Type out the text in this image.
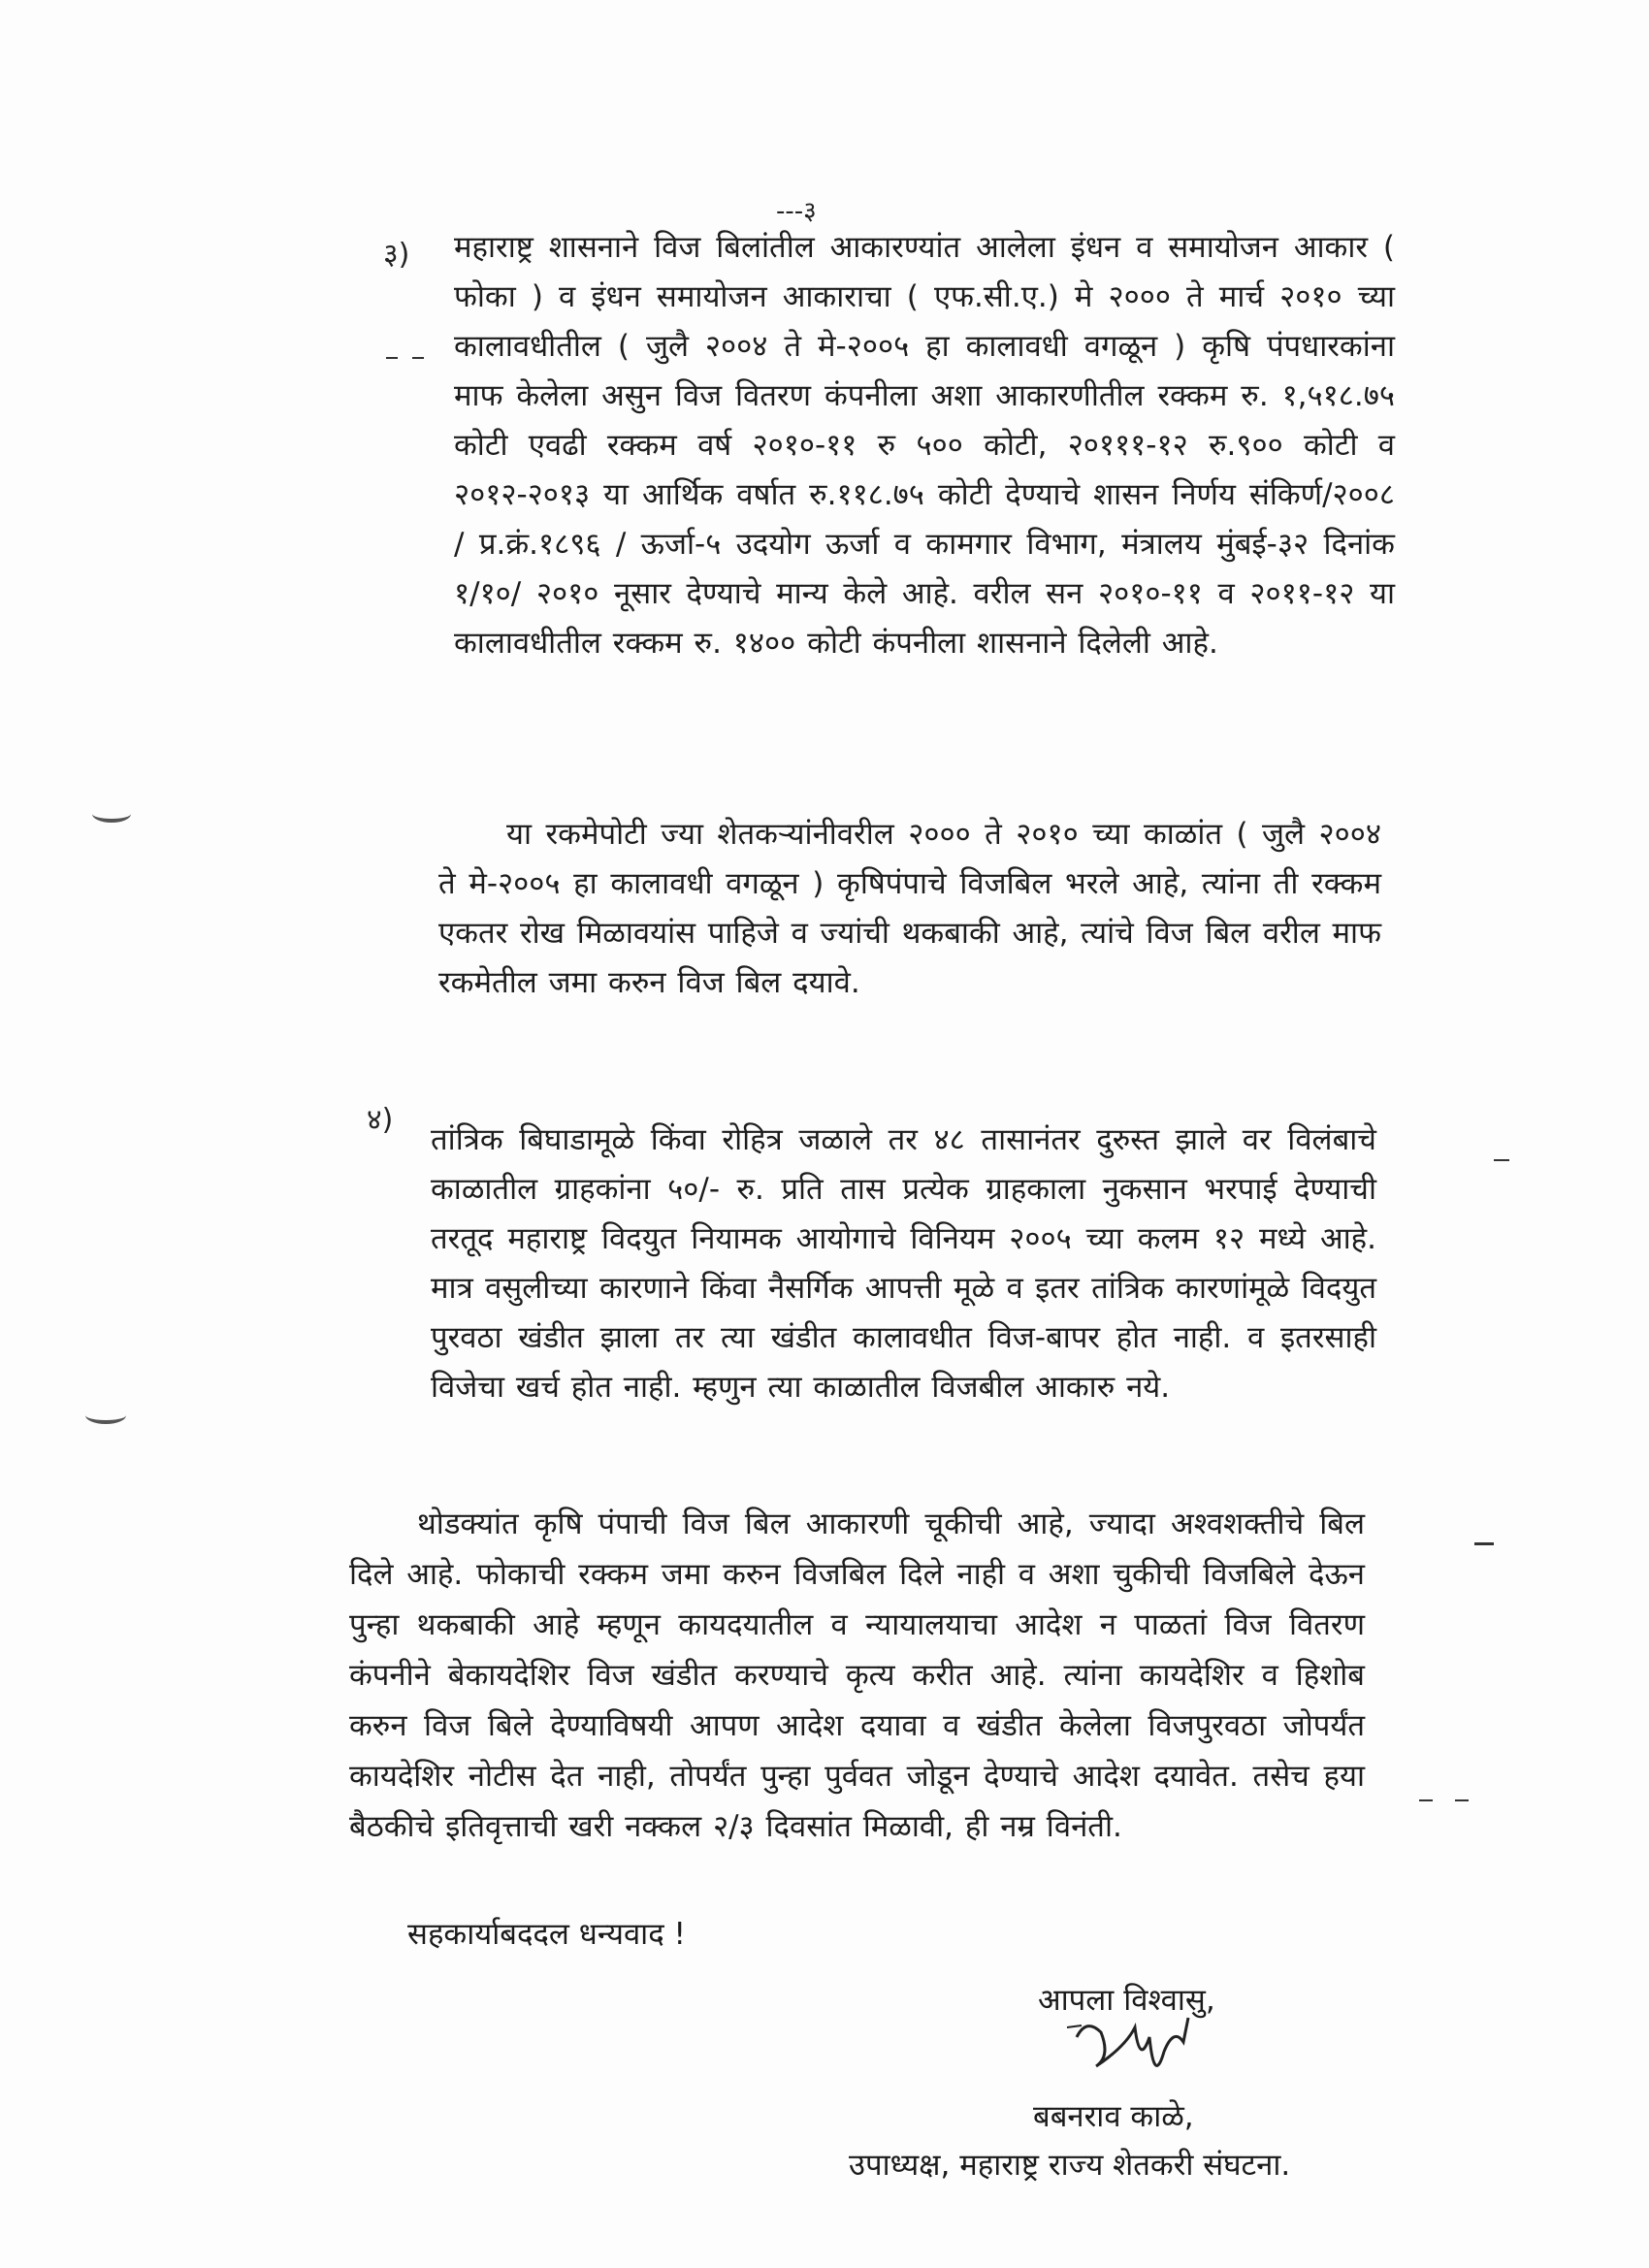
---३
३) महाराष्ट्र शासनाने विज बिलांतील आकारण्यांत आलेला इंधन व समायोजन आकार ( फोका ) व इंधन समायोजन आकाराचा ( एफ.सी.ए.) मे २००० ते मार्च २०१० च्या कालावधीतील ( जुलै २००४ ते मे-२००५ हा कालावधी वगळून ) कृषि पंपधारकांना माफ केलेला असुन विज वितरण कंपनीला अशा आकारणीतील रक्कम रु. १,५१८.७५ कोटी एवढी रक्कम वर्ष २०१०-११ रु ५०० कोटी, २०१११-१२ रु.९०० कोटी व २०१२-२०१३ या आर्थिक वर्षात रु.११८.७५ कोटी देण्याचे शासन निर्णय संकिर्ण/२००८ / प्र.क्रं.१८९६ / ऊर्जा-५ उदयोग ऊर्जा व कामगार विभाग, मंत्रालय मुंबई-३२ दिनांक १/१०/ २०१० नूसार देण्याचे मान्य केले आहे. वरील सन २०१०-११ व २०११-१२ या कालावधीतील रक्कम रु. १४०० कोटी कंपनीला शासनाने दिलेली आहे.
या रकमेपोटी ज्या शेतकऱ्यांनीवरील २००० ते २०१० च्या काळांत ( जुलै २००४ ते मे-२००५ हा कालावधी वगळून ) कृषिपंपाचे विजबिल भरले आहे, त्यांना ती रक्कम एकतर रोख मिळावयांस पाहिजे व ज्यांची थकबाकी आहे, त्यांचे विज बिल वरील माफ रकमेतील जमा करुन विज बिल दयावे.
४)
तांत्रिक बिघाडामूळे किंवा रोहित्र जळाले तर ४८ तासानंतर दुरुस्त झाले वर विलंबाचे काळातील ग्राहकांना ५०/- रु. प्रति तास प्रत्येक ग्राहकाला नुकसान भरपाई देण्याची तरतूद महाराष्ट्र विदयुत नियामक आयोगाचे विनियम २००५ च्या कलम १२ मध्ये आहे. मात्र वसुलीच्या कारणाने किंवा नैसर्गिक आपत्ती मूळे व इतर तांत्रिक कारणांमूळे विदयुत पुरवठा खंडीत झाला तर त्या खंडीत कालावधीत विज-बापर होत नाही. व इतरसाही विजेचा खर्च होत नाही. म्हणुन त्या काळातील विजबील आकारु नये.
थोडक्यांत कृषि पंपाची विज बिल आकारणी चूकीची आहे, ज्यादा अश्वशक्तीचे बिल दिले आहे. फोकाची रक्कम जमा करुन विजबिल दिले नाही व अशा चुकीची विजबिले देऊन पुन्हा थकबाकी आहे म्हणून कायदयातील व न्यायालयाचा आदेश न पाळतां विज वितरण कंपनीने बेकायदेशिर विज खंडीत करण्याचे कृत्य करीत आहे. त्यांना कायदेशिर व हिशोब करुन विज बिले देण्याविषयी आपण आदेश दयावा व खंडीत केलेला विजपुरवठा जोपर्यंत कायदेशिर नोटीस देत नाही, तोपर्यंत पुन्हा पुर्ववत जोडून देण्याचे आदेश दयावेत. तसेच हया बैठकीचे इतिवृत्ताची खरी नक्कल २/३ दिवसांत मिळावी, ही नम्र विनंती.
सहकार्याबददल धन्यवाद !
आपला विश्वासु,
बबनराव काळे,
उपाध्यक्ष, महाराष्ट्र राज्य शेतकरी संघटना.
